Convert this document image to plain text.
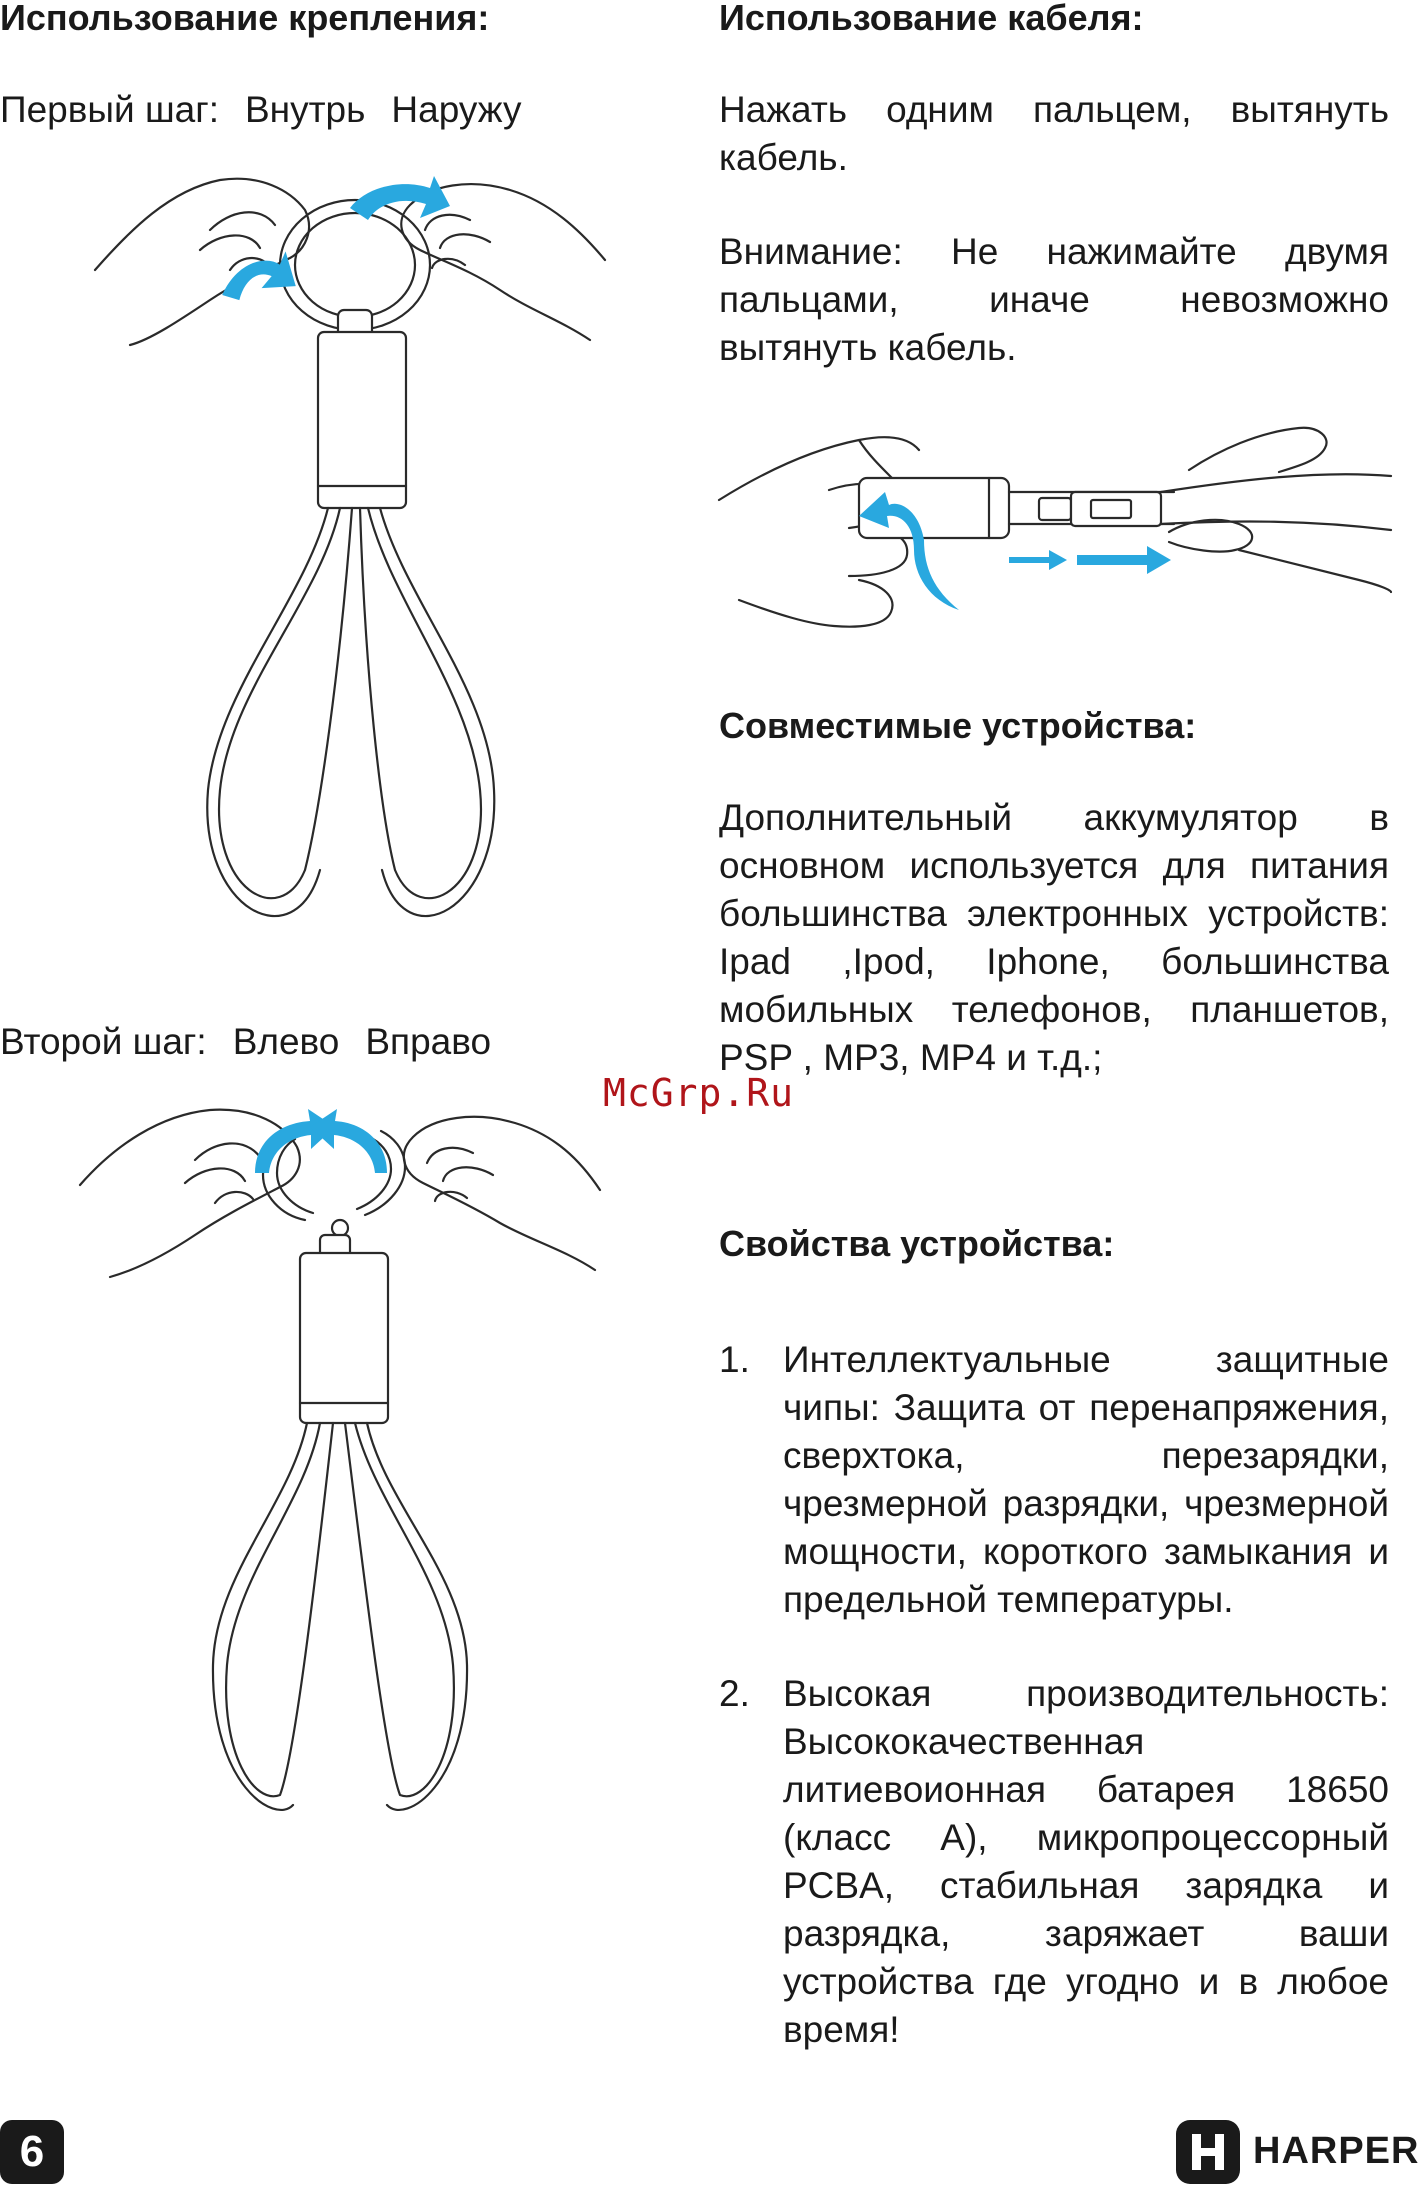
Использование крепления:

Первый шаг: Внутрь Наружу

Второй шаг: Влево Вправо

Использование кабеля:

Нажать одним пальцем, вытянуть кабель.

Внимание: Не нажимайте двумя пальцами, иначе невозможно вытянуть кабель.

Совместимые устройства:

Дополнительный аккумулятор в основном используется для питания большинства электронных устройств: Ipad ,Ipod, Iphone, большинства мобильных телефонов, планшетов, PSP , MP3, MP4 и т.д.;

McGrp.Ru
Свойства устройства:
1. Интеллектуальные защитные чипы: Защита от перенапряжения, сверхтока, перезарядки, чрезмерной разрядки, чрезмерной мощности, короткого замыкания и предельной температуры.

2. Высокая производительность: Высококачественная литиевоионная батарея 18650 (класс A), микропроцессорный PCBA, стабильная зарядка и разрядка, заряжает ваши устройства где угодно и в любое время!

6	HARPER
